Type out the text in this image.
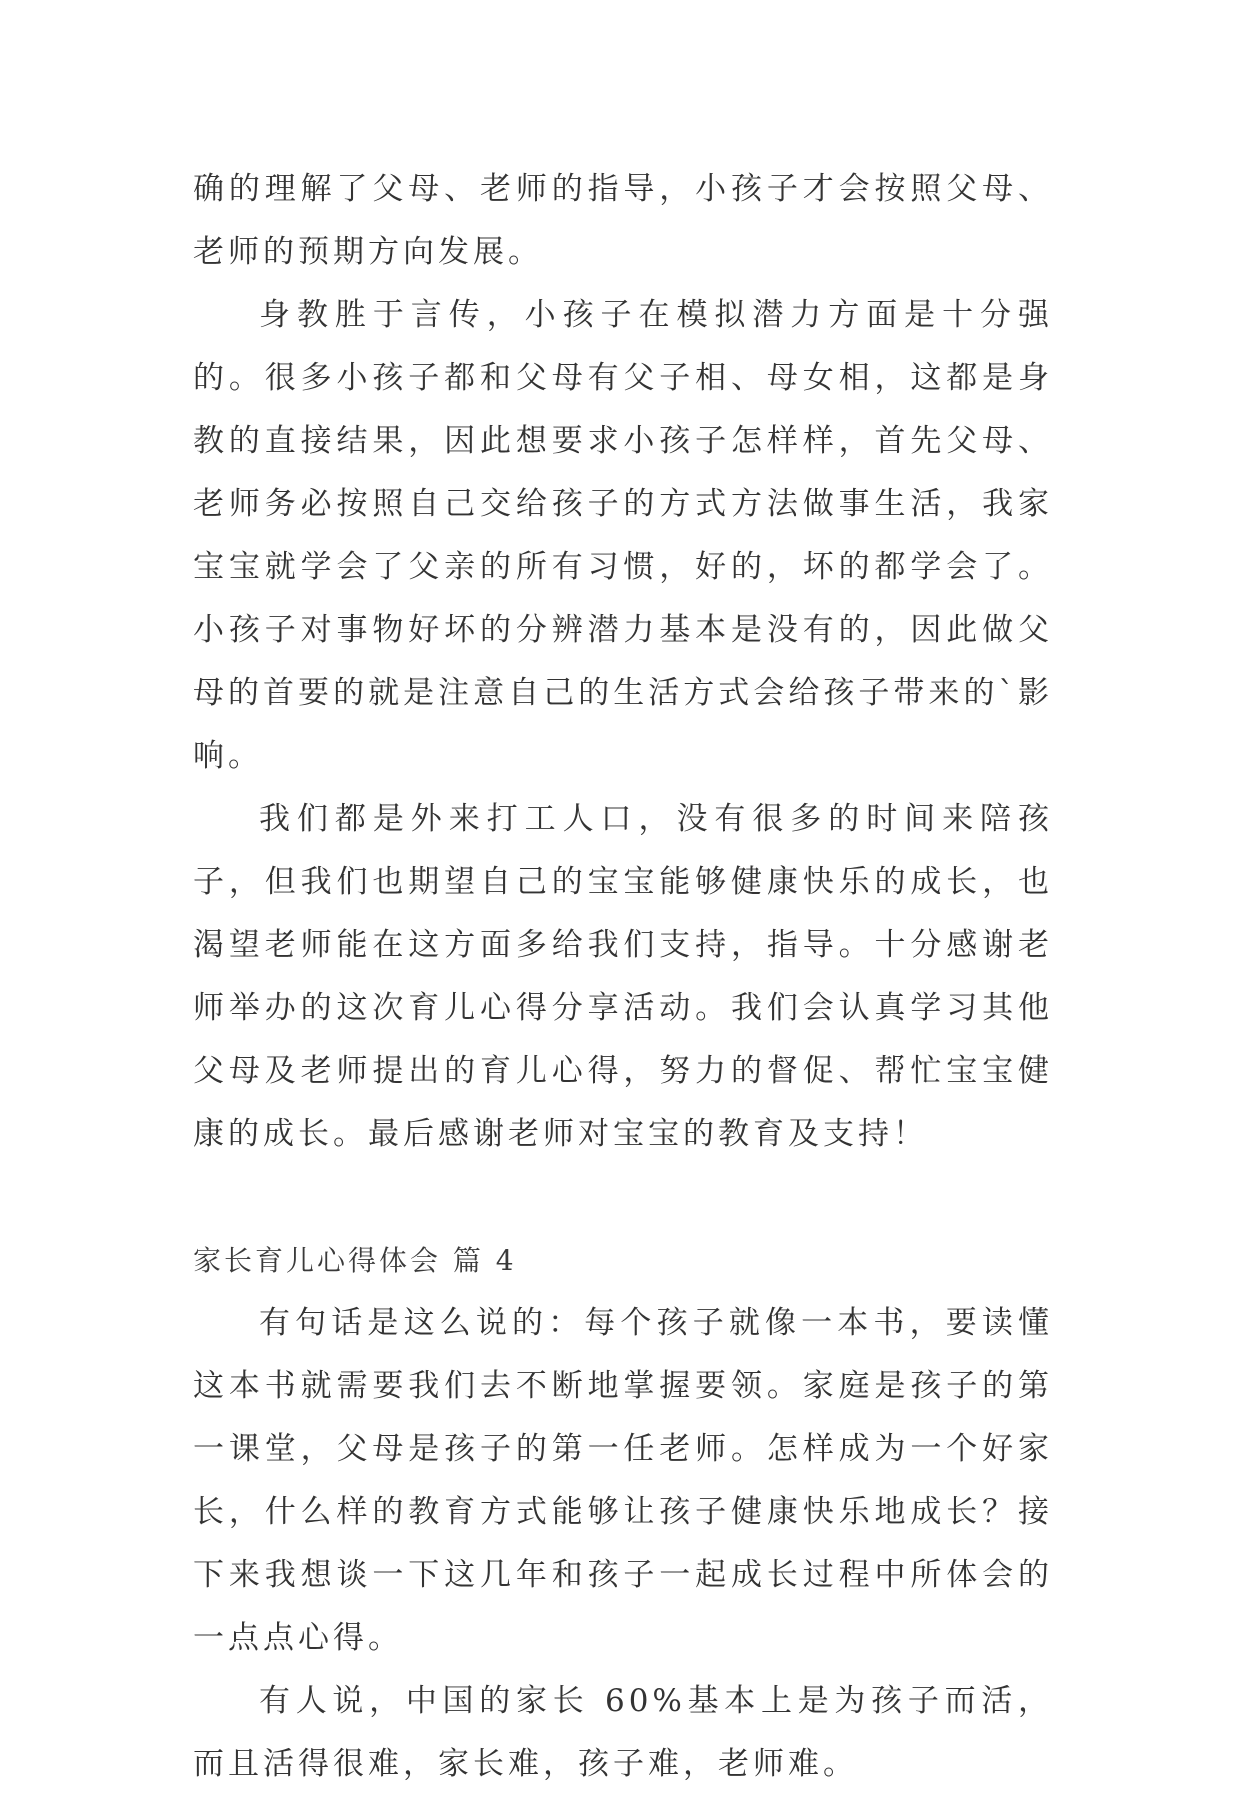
确的理解了父母、老师的指导，小孩子才会按照父母、老师的预期方向发展。

身教胜于言传，小孩子在模拟潜力方面是十分强的。很多小孩子都和父母有父子相、母女相，这都是身教的直接结果，因此想要求小孩子怎样样，首先父母、老师务必按照自己交给孩子的方式方法做事生活，我家宝宝就学会了父亲的所有习惯，好的，坏的都学会了。小孩子对事物好坏的分辨潜力基本是没有的，因此做父母的首要的就是注意自己的生活方式会给孩子带来的`影响。

我们都是外来打工人口，没有很多的时间来陪孩子，但我们也期望自己的宝宝能够健康快乐的成长，也渴望老师能在这方面多给我们支持，指导。十分感谢老师举办的这次育儿心得分享活动。我们会认真学习其他父母及老师提出的育儿心得，努力的督促、帮忙宝宝健康的成长。最后感谢老师对宝宝的教育及支持！

家长育儿心得体会 篇 4

有句话是这么说的：每个孩子就像一本书，要读懂这本书就需要我们去不断地掌握要领。家庭是孩子的第一课堂，父母是孩子的第一任老师。怎样成为一个好家长，什么样的教育方式能够让孩子健康快乐地成长？接下来我想谈一下这几年和孩子一起成长过程中所体会的一点点心得。

有人说，中国的家长 60%基本上是为孩子而活，而且活得很难，家长难，孩子难，老师难。
